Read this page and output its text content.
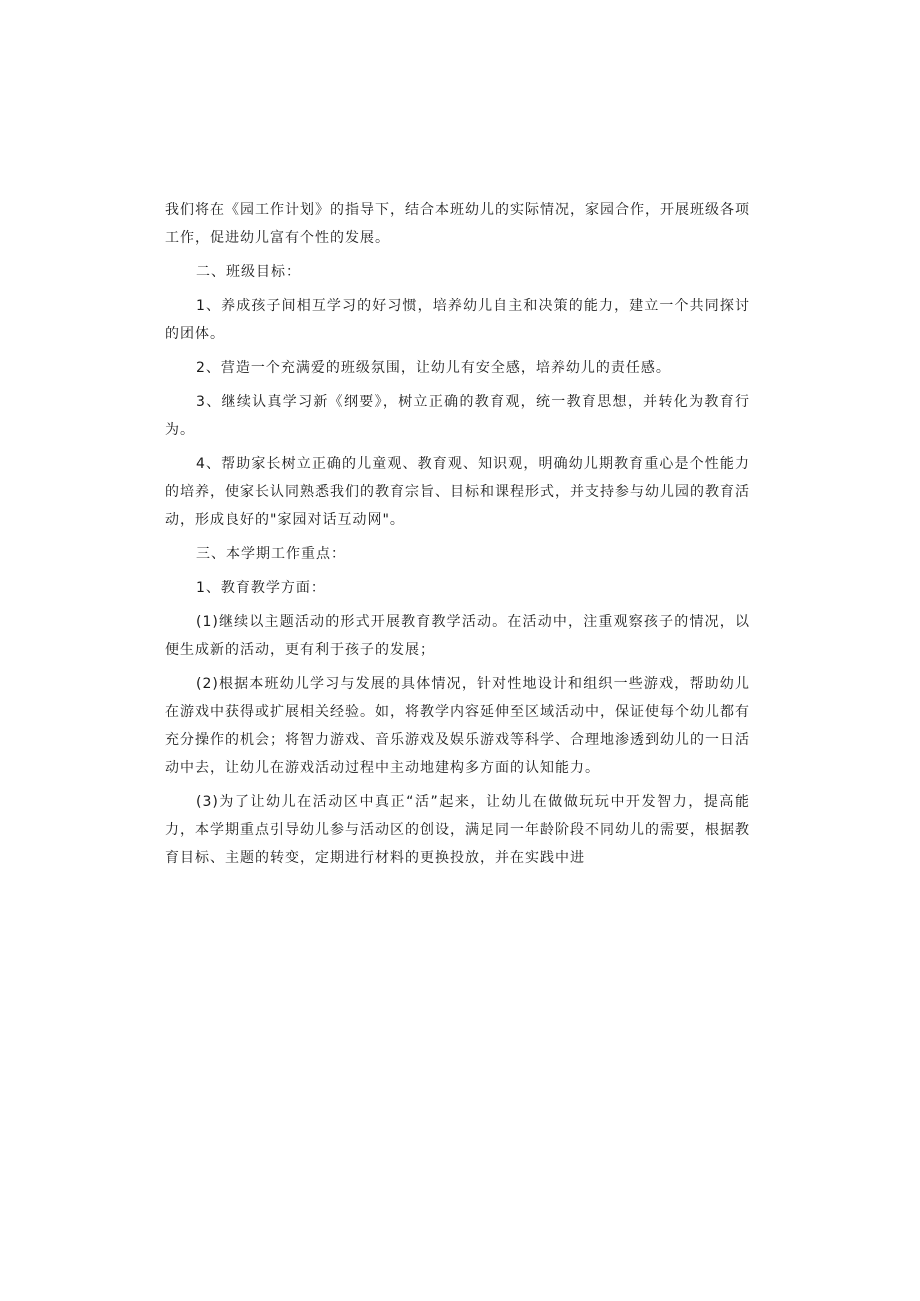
我们将在《园工作计划》的指导下，结合本班幼儿的实际情况，家园合作，开展班级各项工作，促进幼儿富有个性的发展。

二、班级目标：

1、养成孩子间相互学习的好习惯，培养幼儿自主和决策的能力，建立一个共同探讨的团体。

2、营造一个充满爱的班级氛围，让幼儿有安全感，培养幼儿的责任感。

3、继续认真学习新《纲要》，树立正确的教育观，统一教育思想，并转化为教育行为。

4、帮助家长树立正确的儿童观、教育观、知识观，明确幼儿期教育重心是个性能力的培养，使家长认同熟悉我们的教育宗旨、目标和课程形式，并支持参与幼儿园的教育活动，形成良好的"家园对话互动网"。

三、本学期工作重点：

1、教育教学方面：

(1)继续以主题活动的形式开展教育教学活动。在活动中，注重观察孩子的情况，以便生成新的活动，更有利于孩子的发展；

(2)根据本班幼儿学习与发展的具体情况，针对性地设计和组织一些游戏，帮助幼儿在游戏中获得或扩展相关经验。如，将教学内容延伸至区域活动中，保证使每个幼儿都有充分操作的机会；将智力游戏、音乐游戏及娱乐游戏等科学、合理地渗透到幼儿的一日活动中去，让幼儿在游戏活动过程中主动地建构多方面的认知能力。

(3)为了让幼儿在活动区中真正“活”起来，让幼儿在做做玩玩中开发智力，提高能力，本学期重点引导幼儿参与活动区的创设，满足同一年龄阶段不同幼儿的需要，根据教育目标、主题的转变，定期进行材料的更换投放，并在实践中进
